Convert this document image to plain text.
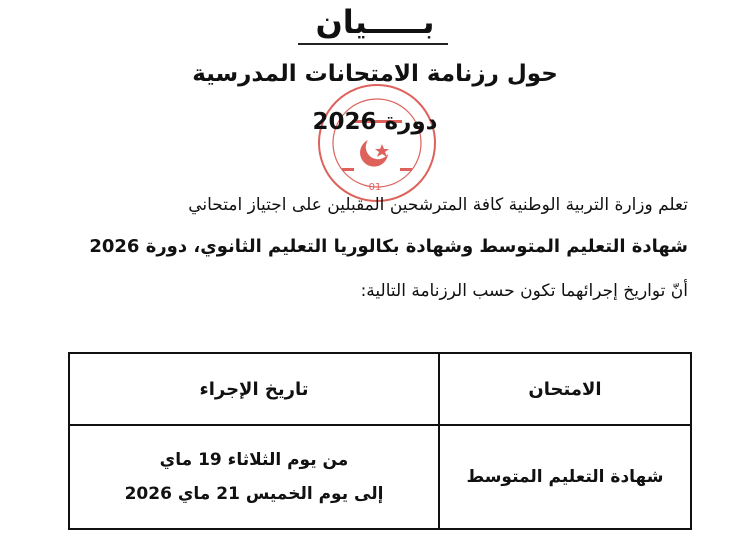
بـــــيان
01
حول رزنامة الامتحانات المدرسية
دورة 2026
تعلم وزارة التربية الوطنية كافة المترشحين المقبلين على اجتياز امتحاني
شهادة التعليم المتوسط وشهادة بكالوريا التعليم الثانوي، دورة 2026
أنّ تواريخ إجرائهما تكون حسب الرزنامة التالية:
الامتحان	تاريخ الإجراء
شهادة التعليم المتوسط	من يوم الثلاثاء 19 ماي
إلى يوم الخميس 21 ماي 2026
